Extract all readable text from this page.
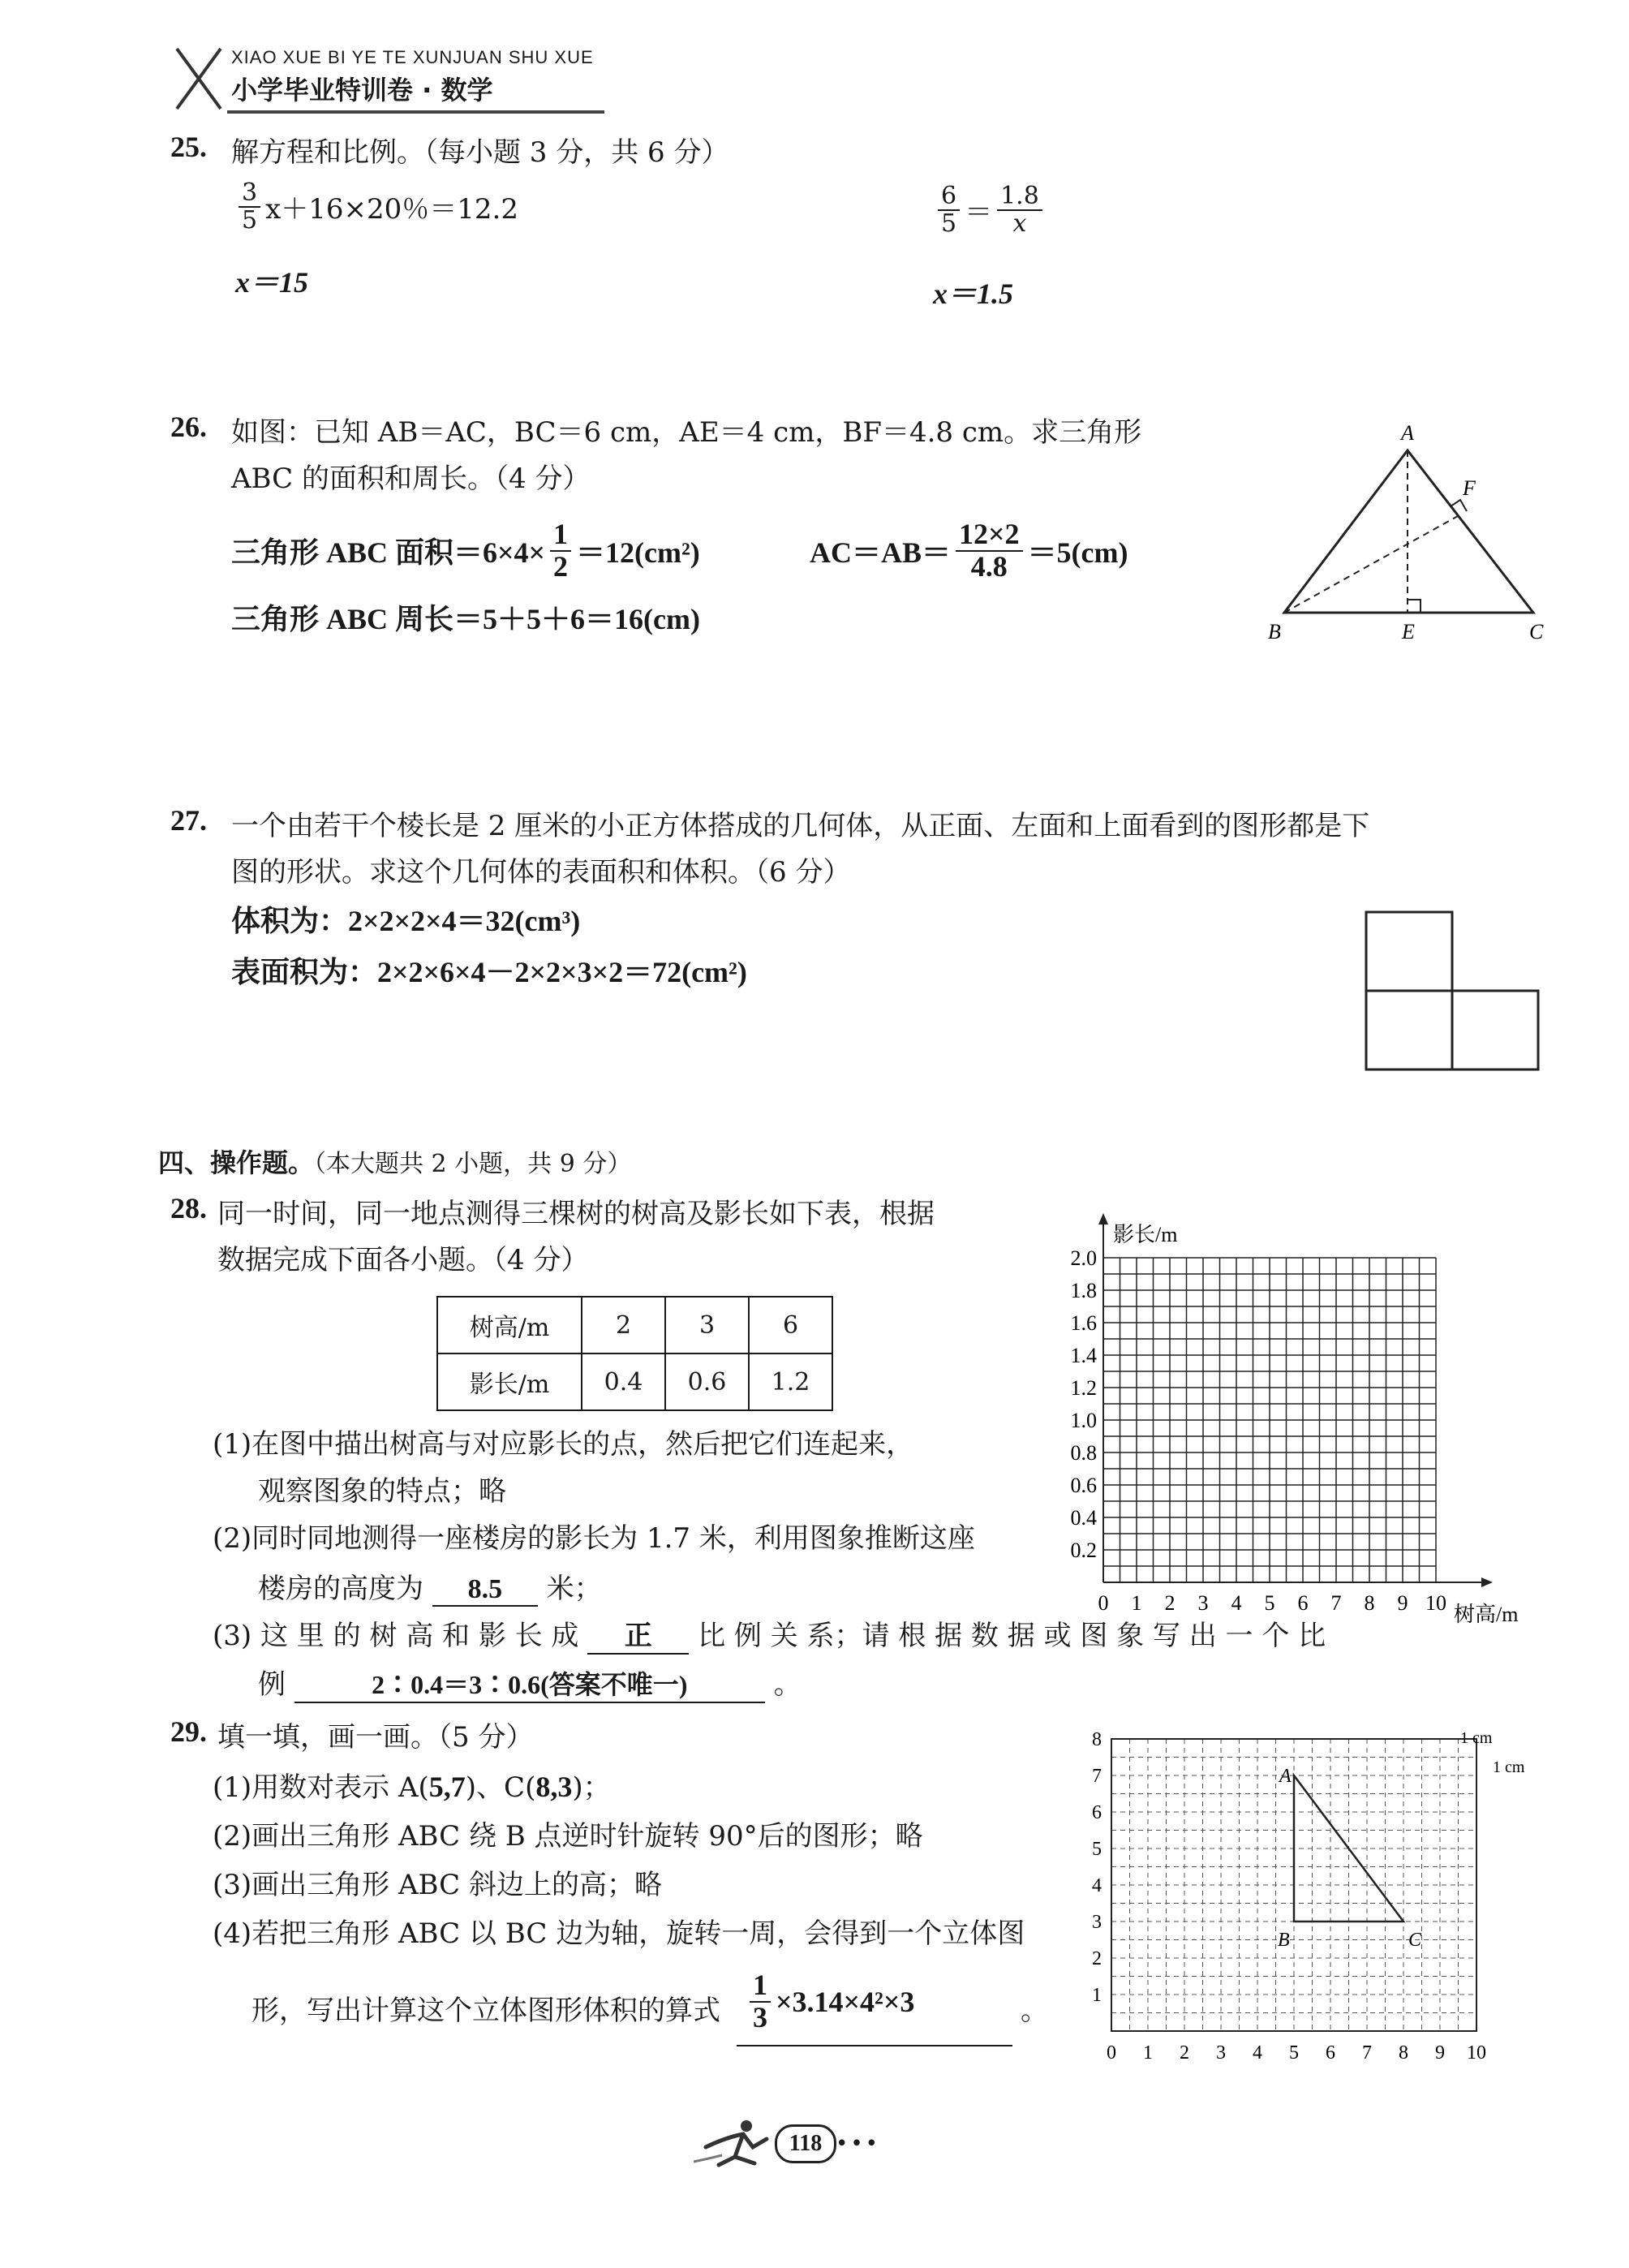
XIAO XUE BI YE TE XUNJUAN SHU XUE
小学毕业特训卷 · 数学
25. 解方程和比例。（每小题 3 分，共 6 分）
$\frac{3}{5} x+16\times 20$％＝12.2
x＝15
$\frac{6}{5} = \frac{1.8}{x}$
x＝1.5
26. 如图：已知 AB＝AC，BC＝6 cm，AE＝4 cm，BF＝4.8 cm。求三角形
ABC 的面积和周长。（4 分）
三角形 ABC 面积$=6\times 4\times \frac{1}{2} =12(cm^2)$	$AC=AB= \frac{12\times 2}{4.8} =5(cm)$
三角形 ABC 周长＝5＋5＋6＝16(cm)
A
B	C
E
F
27. 一个由若干个棱长是 2 厘米的小正方体搭成的几何体，从正面、左面和上面看到的图形都是下
图的形状。求这个几何体的表面积和体积。（6 分）
体积为：2×2×2×4＝32(cm³)
表面积为：2×2×6×4－2×2×3×2＝72(cm²)
四、操作题。（本大题共 2 小题，共 9 分）
28. 同一时间，同一地点测得三棵树的树高及影长如下表，根据
数据完成下面各小题。（4 分）
树高/m	2	3	6
影长/m	0.4	0.6	1.2
(1)在图中描出树高与对应影长的点，然后把它们连起来，
观察图象的特点；略
(2)同时同地测得一座楼房的影长为 1.7 米，利用图象推断这座
楼房的高度为 8.5 米；
(3) 这 里 的 树 高 和 影 长 成 正 比 例 关 系；请 根 据 数 据 或 图 象 写 出 一 个 比
例	2∶0.4＝3∶0.6(答案不唯一)	。
0 1 2 3 4 5 6 7 8 9 10
0.2
0.4
0.6
0.8
1.0
1.2
1.4
1.6
1.8
2.0
树高/m
影长/m
29. 填一填，画一画。（5 分）
(1)用数对表示 A(5,7)、C(8,3)；
(2)画出三角形 ABC 绕 B 点逆时针旋转 90°后的图形；略
(3)画出三角形 ABC 斜边上的高；略
(4)若把三角形 ABC 以 BC 边为轴，旋转一周，会得到一个立体图
形，写出计算这个立体图形体积的算式 $\frac{1}{3} \times 3.14\times 4^2\times 3$	。
0 1 2 3 4 5 6 7 8 9 10
1
2
3
4
5
6
7
8
A
B	C
1 cm
1 cm
118 •••
